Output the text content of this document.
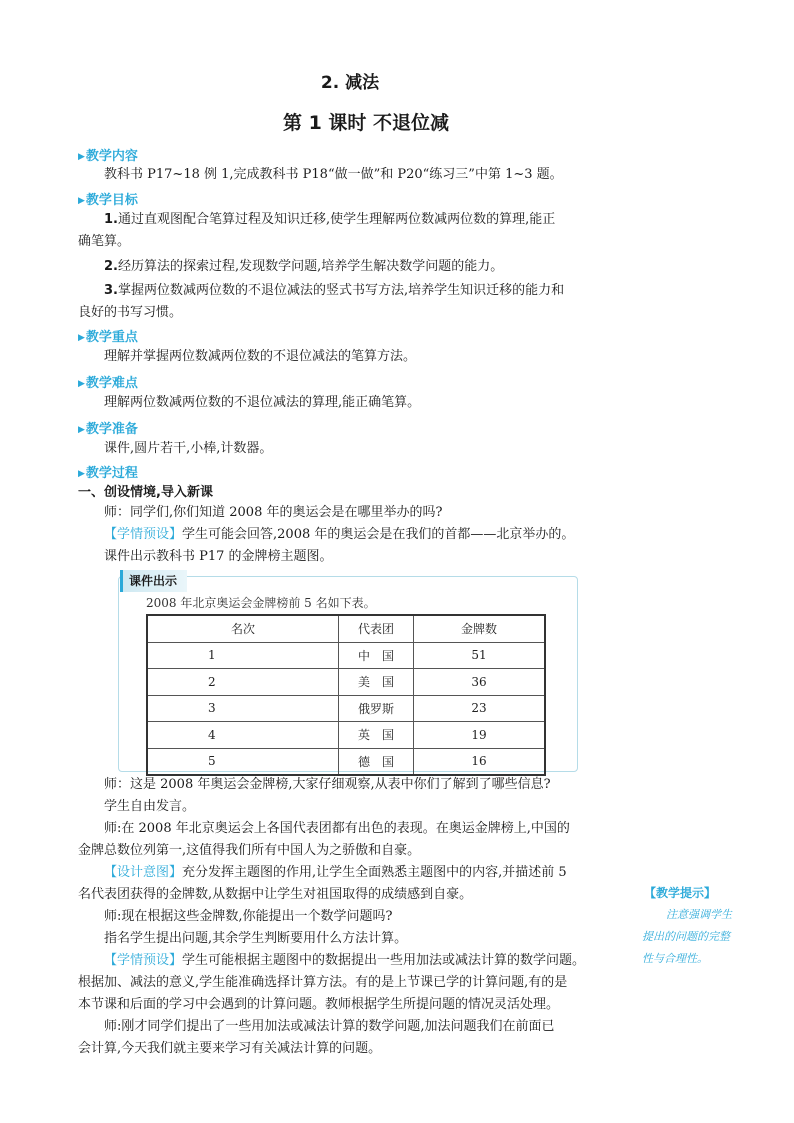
2. 减法
第 1 课时 不退位减
▶教学内容
教科书 P17~18 例 1,完成教科书 P18“做一做”和 P20“练习三”中第 1~3 题。
▶教学目标
1.通过直观图配合笔算过程及知识迁移,使学生理解两位数减两位数的算理,能正
确笔算。
2.经历算法的探索过程,发现数学问题,培养学生解决数学问题的能力。
3.掌握两位数减两位数的不退位减法的竖式书写方法,培养学生知识迁移的能力和
良好的书写习惯。
▶教学重点
理解并掌握两位数减两位数的不退位减法的笔算方法。
▶教学难点
理解两位数减两位数的不退位减法的算理,能正确笔算。
▶教学准备
课件,圆片若干,小棒,计数器。
▶教学过程
一、创设情境,导入新课
师：同学们,你们知道 2008 年的奥运会是在哪里举办的吗?
【学情预设】学生可能会回答,2008 年的奥运会是在我们的首都——北京举办的。
课件出示教科书 P17 的金牌榜主题图。
课件出示
2008 年北京奥运会金牌榜前 5 名如下表。
名次	代表团	金牌数
1	中　国	51
2	美　国	36
3	俄罗斯	23
4	英　国	19
5	德　国	16
师：这是 2008 年奥运会金牌榜,大家仔细观察,从表中你们了解到了哪些信息?
学生自由发言。
师:在 2008 年北京奥运会上各国代表团都有出色的表现。在奥运金牌榜上,中国的
金牌总数位列第一,这值得我们所有中国人为之骄傲和自豪。
【设计意图】充分发挥主题图的作用,让学生全面熟悉主题图中的内容,并描述前 5
名代表团获得的金牌数,从数据中让学生对祖国取得的成绩感到自豪。
师:现在根据这些金牌数,你能提出一个数学问题吗?
指名学生提出问题,其余学生判断要用什么方法计算。
【学情预设】学生可能根据主题图中的数据提出一些用加法或减法计算的数学问题。
根据加、减法的意义,学生能准确选择计算方法。有的是上节课已学的计算问题,有的是
本节课和后面的学习中会遇到的计算问题。教师根据学生所提问题的情况灵活处理。
师:刚才同学们提出了一些用加法或减法计算的数学问题,加法问题我们在前面已
会计算,今天我们就主要来学习有关减法计算的问题。
【教学提示】
注意强调学生
提出的问题的完整
性与合理性。
